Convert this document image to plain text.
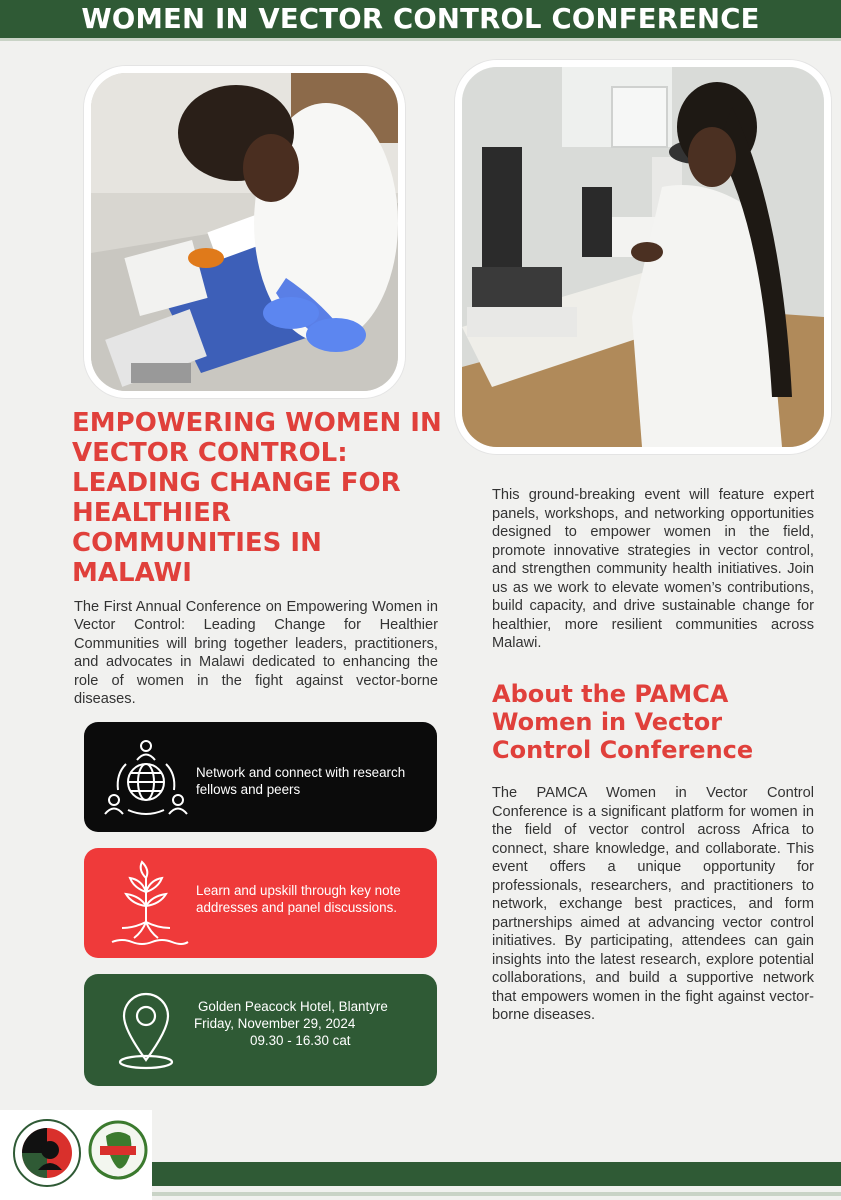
WOMEN IN VECTOR CONTROL CONFERENCE
EMPOWERING WOMEN IN VECTOR CONTROL: LEADING CHANGE FOR HEALTHIER COMMUNITIES IN MALAWI
The First Annual Conference on Empowering Women in Vector Control: Leading Change for Healthier Communities will bring together leaders, practitioners, and advocates in Malawi dedicated to enhancing the role of women in the fight against vector-borne diseases.
Network and connect with research fellows and peers
Learn and upskill through key note addresses and panel discussions.
Golden Peacock Hotel, Blantyre
Friday, November 29, 2024
09.30 - 16.30 cat
This ground-breaking event will feature expert panels, workshops, and networking opportunities designed to empower women in the field, promote innovative strategies in vector control, and strengthen community health initiatives. Join us as we work to elevate women’s contributions, build capacity, and drive sustainable change for healthier, more resilient communities across Malawi.
About the PAMCA Women in Vector Control Conference
The PAMCA Women in Vector Control Conference is a significant platform for women in the field of vector control across Africa to connect, share knowledge, and collaborate. This event offers a unique opportunity for professionals, researchers, and practitioners to network, exchange best practices, and form partnerships aimed at advancing vector control initiatives. By participating, attendees can gain insights into the latest research, explore potential collaborations, and build a supportive network that empowers women in the fight against vector-borne diseases.
